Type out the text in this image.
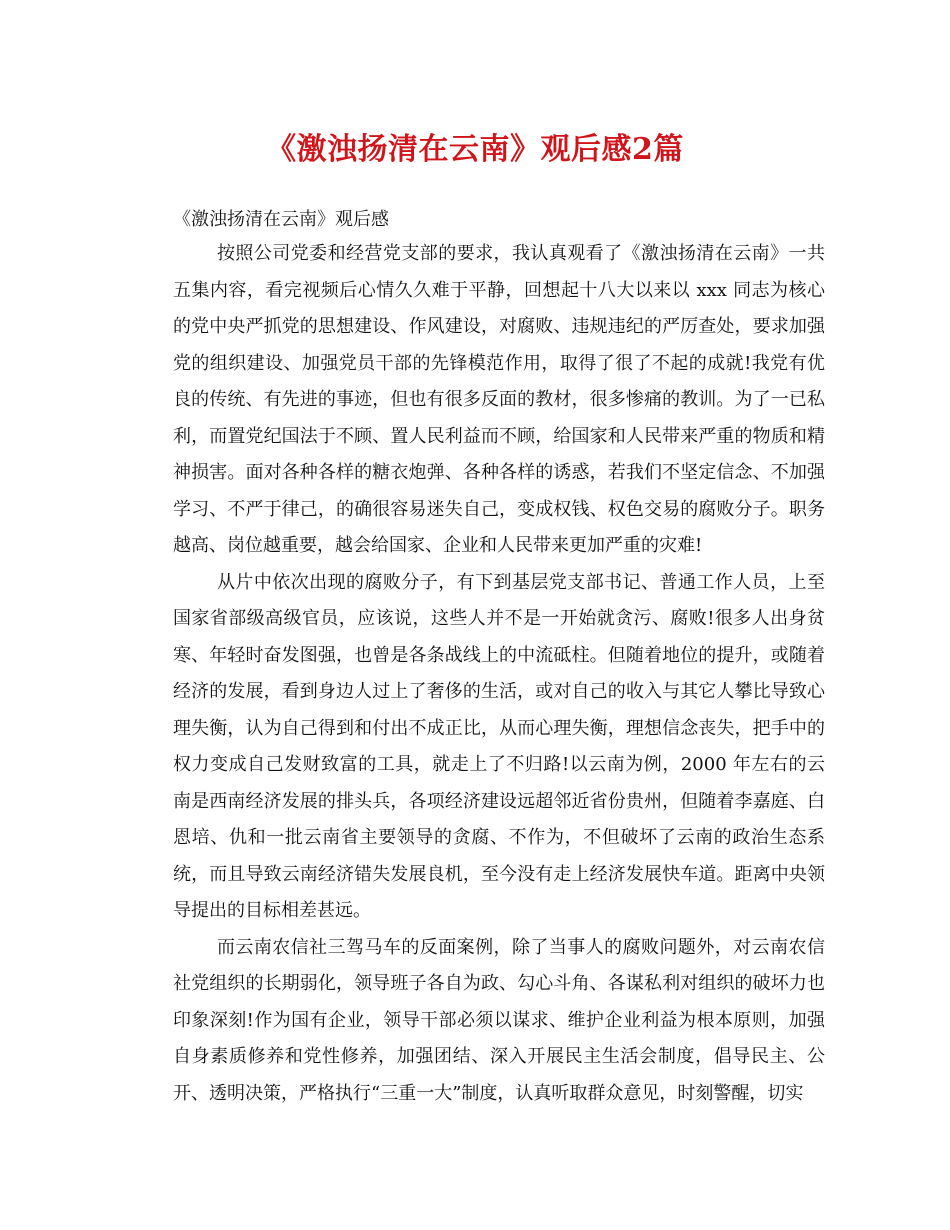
《激浊扬清在云南》观后感2篇
《激浊扬清在云南》观后感

按照公司党委和经营党支部的要求，我认真观看了《激浊扬清在云南》一共五集内容，看完视频后心情久久难于平静，回想起十八大以来以 xxx 同志为核心的党中央严抓党的思想建设、作风建设，对腐败、违规违纪的严厉查处，要求加强党的组织建设、加强党员干部的先锋模范作用，取得了很了不起的成就!我党有优良的传统、有先进的事迹，但也有很多反面的教材，很多惨痛的教训。为了一已私利，而置党纪国法于不顾、置人民利益而不顾，给国家和人民带来严重的物质和精神损害。面对各种各样的糖衣炮弹、各种各样的诱惑，若我们不坚定信念、不加强学习、不严于律己，的确很容易迷失自己，变成权钱、权色交易的腐败分子。职务越高、岗位越重要，越会给国家、企业和人民带来更加严重的灾难!

从片中依次出现的腐败分子，有下到基层党支部书记、普通工作人员，上至国家省部级高级官员，应该说，这些人并不是一开始就贪污、腐败!很多人出身贫寒、年轻时奋发图强，也曾是各条战线上的中流砥柱。但随着地位的提升，或随着经济的发展，看到身边人过上了奢侈的生活，或对自己的收入与其它人攀比导致心理失衡，认为自己得到和付出不成正比，从而心理失衡，理想信念丧失，把手中的权力变成自己发财致富的工具，就走上了不归路!以云南为例，2000 年左右的云南是西南经济发展的排头兵，各项经济建设远超邻近省份贵州，但随着李嘉庭、白恩培、仇和一批云南省主要领导的贪腐、不作为，不但破坏了云南的政治生态系统，而且导致云南经济错失发展良机，至今没有走上经济发展快车道。距离中央领导提出的目标相差甚远。

而云南农信社三驾马车的反面案例，除了当事人的腐败问题外，对云南农信社党组织的长期弱化，领导班子各自为政、勾心斗角、各谋私利对组织的破坏力也印象深刻!作为国有企业，领导干部必须以谋求、维护企业利益为根本原则，加强自身素质修养和党性修养，加强团结、深入开展民主生活会制度，倡导民主、公开、透明决策，严格执行“三重一大”制度，认真听取群众意见，时刻警醒，切实
